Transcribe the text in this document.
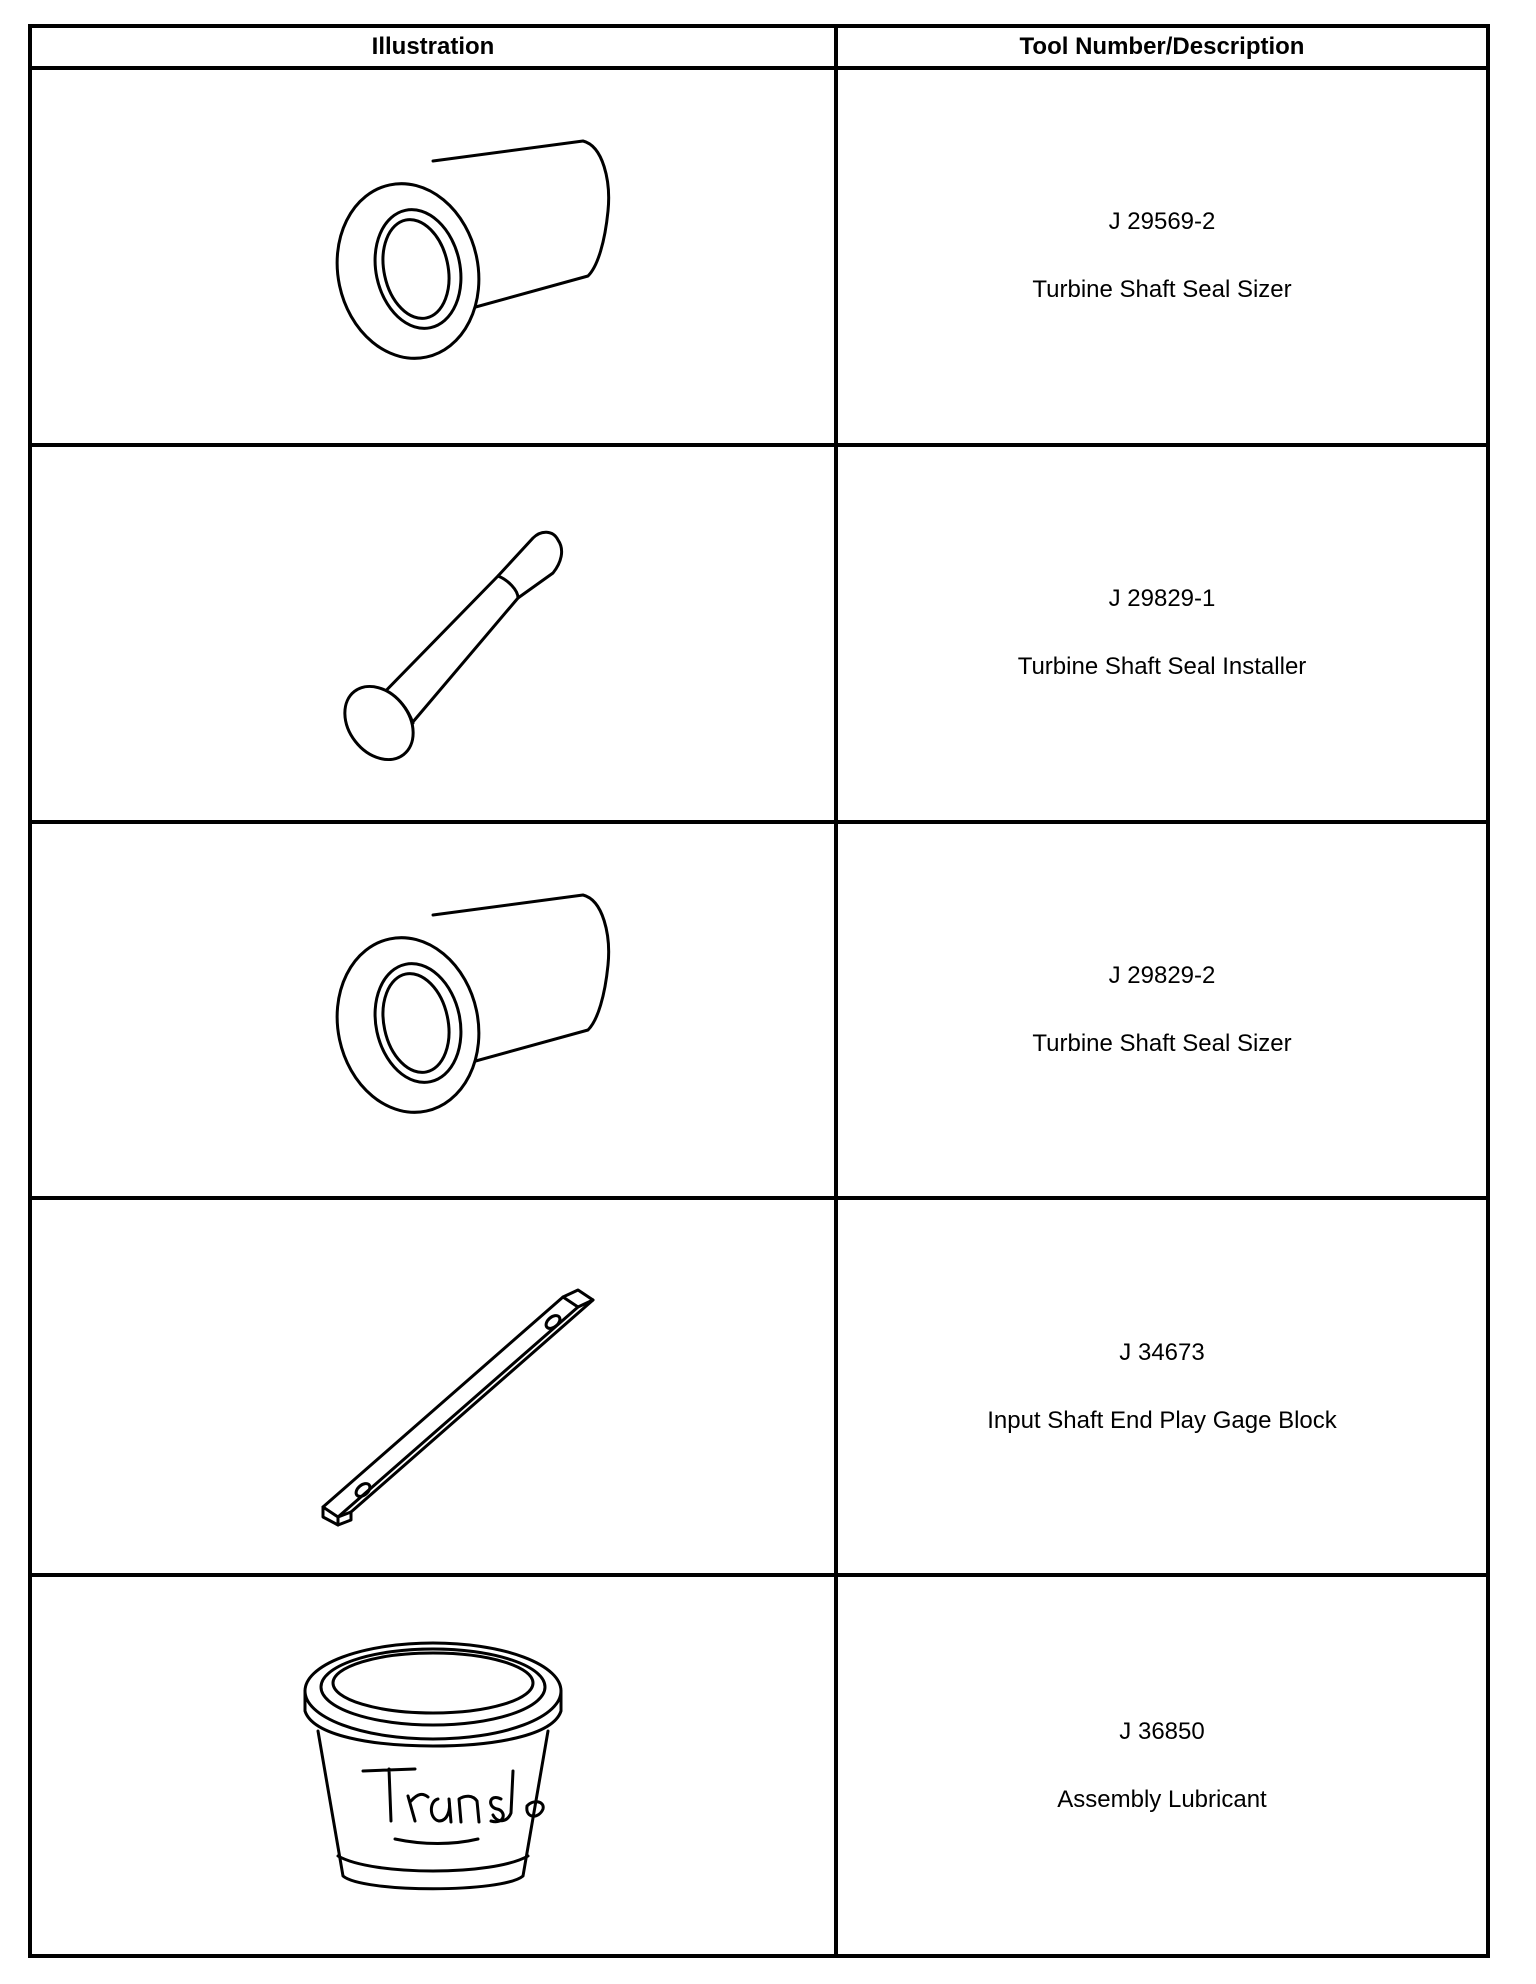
Illustration	Tool Number/Description
J 29569-2
Turbine Shaft Seal Sizer
J 29829-1
Turbine Shaft Seal Installer
J 29829-2
Turbine Shaft Seal Sizer
J 34673
Input Shaft End Play Gage Block
J 36850
Assembly Lubricant
